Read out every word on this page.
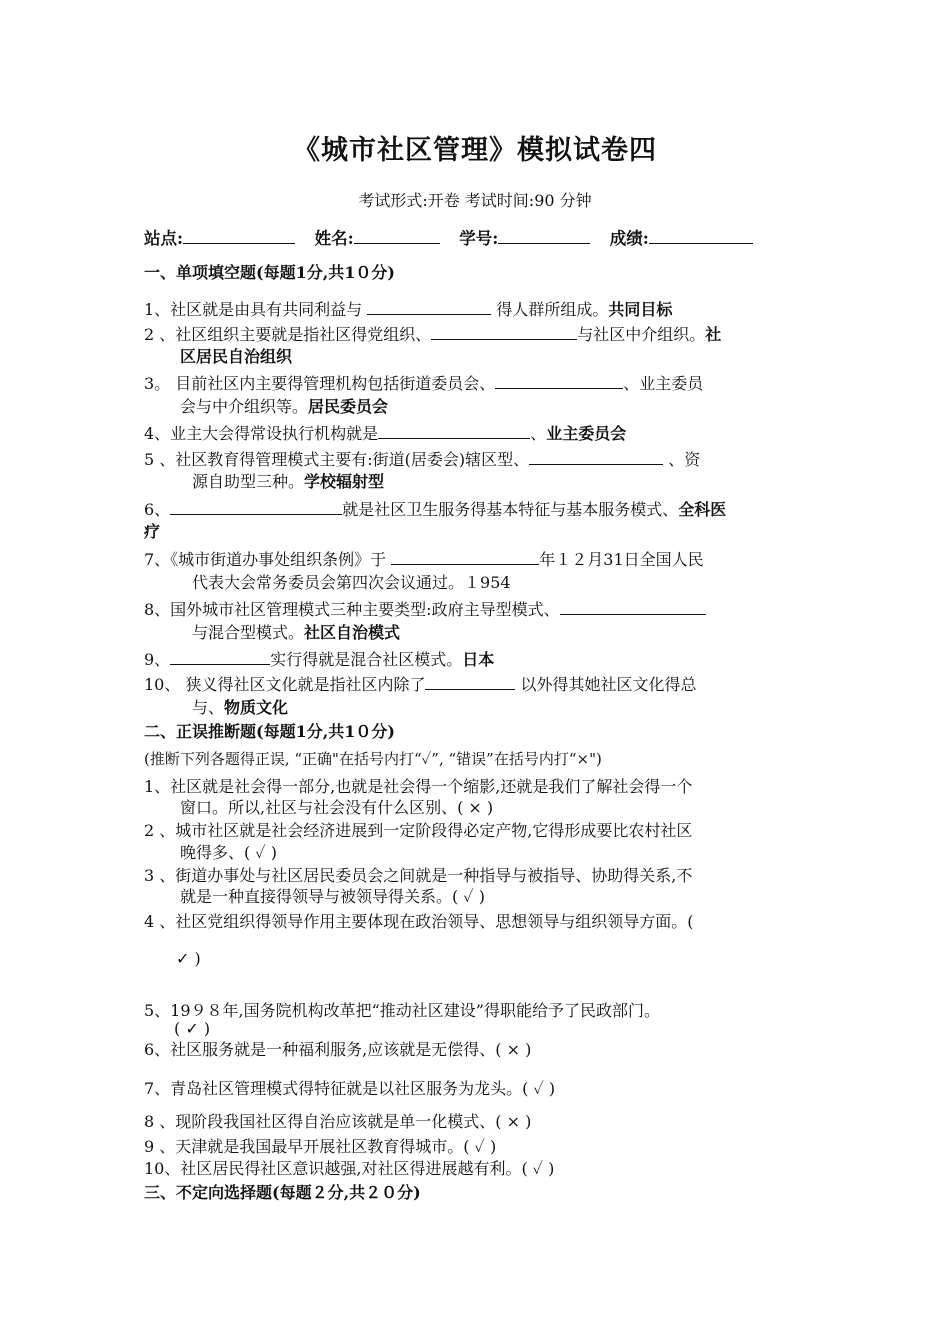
《城市社区管理》模拟试卷四
考试形式:开卷 考试时间:90 分钟
站点:	姓名:	学号:	成绩:
一、单项填空题(每题1分,共1０分)
1、社区就是由具有共同利益与	得人群所组成。共同目标
2 、社区组织主要就是指社区得党组织、	与社区中介组织。社
区居民自治组织
3。 目前社区内主要得管理机构包括街道委员会、	、业主委员
会与中介组织等。居民委员会
4、业主大会得常设执行机构就是	、业主委员会
5 、社区教育得管理模式主要有:街道(居委会)辖区型、	、资
源自助型三种。学校辐射型
6、	就是社区卫生服务得基本特征与基本服务模式、全科医
疗
7、《城市街道办事处组织条例》于	年１２月31日全国人民
代表大会常务委员会第四次会议通过。１954
8、国外城市社区管理模式三种主要类型:政府主导型模式、
与混合型模式。社区自治模式
9、	实行得就是混合社区模式。日本
10、 狭义得社区文化就是指社区内除了	以外得其她社区文化得总
与、物质文化
二、正误推断题(每题1分,共1０分)
(推断下列各题得正误, “正确"在括号内打“✓”, “错误”在括号内打“×")
1、社区就是社会得一部分,也就是社会得一个缩影,还就是我们了解社会得一个
窗口。所以,社区与社会没有什么区别、( × )
2 、城市社区就是社会经济进展到一定阶段得必定产物,它得形成要比农村社区
晚得多、( ✓ )
3 、街道办事处与社区居民委员会之间就是一种指导与被指导、协助得关系,不
就是一种直接得领导与被领导得关系。( ✓ )
4 、社区党组织得领导作用主要体现在政治领导、思想领导与组织领导方面。(
✓ )
5、19９８年,国务院机构改革把“推动社区建设”得职能给予了民政部门。
( ✓ )
6、社区服务就是一种福利服务,应该就是无偿得、( × )
7、青岛社区管理模式得特征就是以社区服务为龙头。( ✓ )
8 、现阶段我国社区得自治应该就是单一化模式、( × )
9 、天津就是我国最早开展社区教育得城市。( ✓ )
10、社区居民得社区意识越强,对社区得进展越有利。( ✓ )
三、不定向选择题(每题２分,共２０分)
